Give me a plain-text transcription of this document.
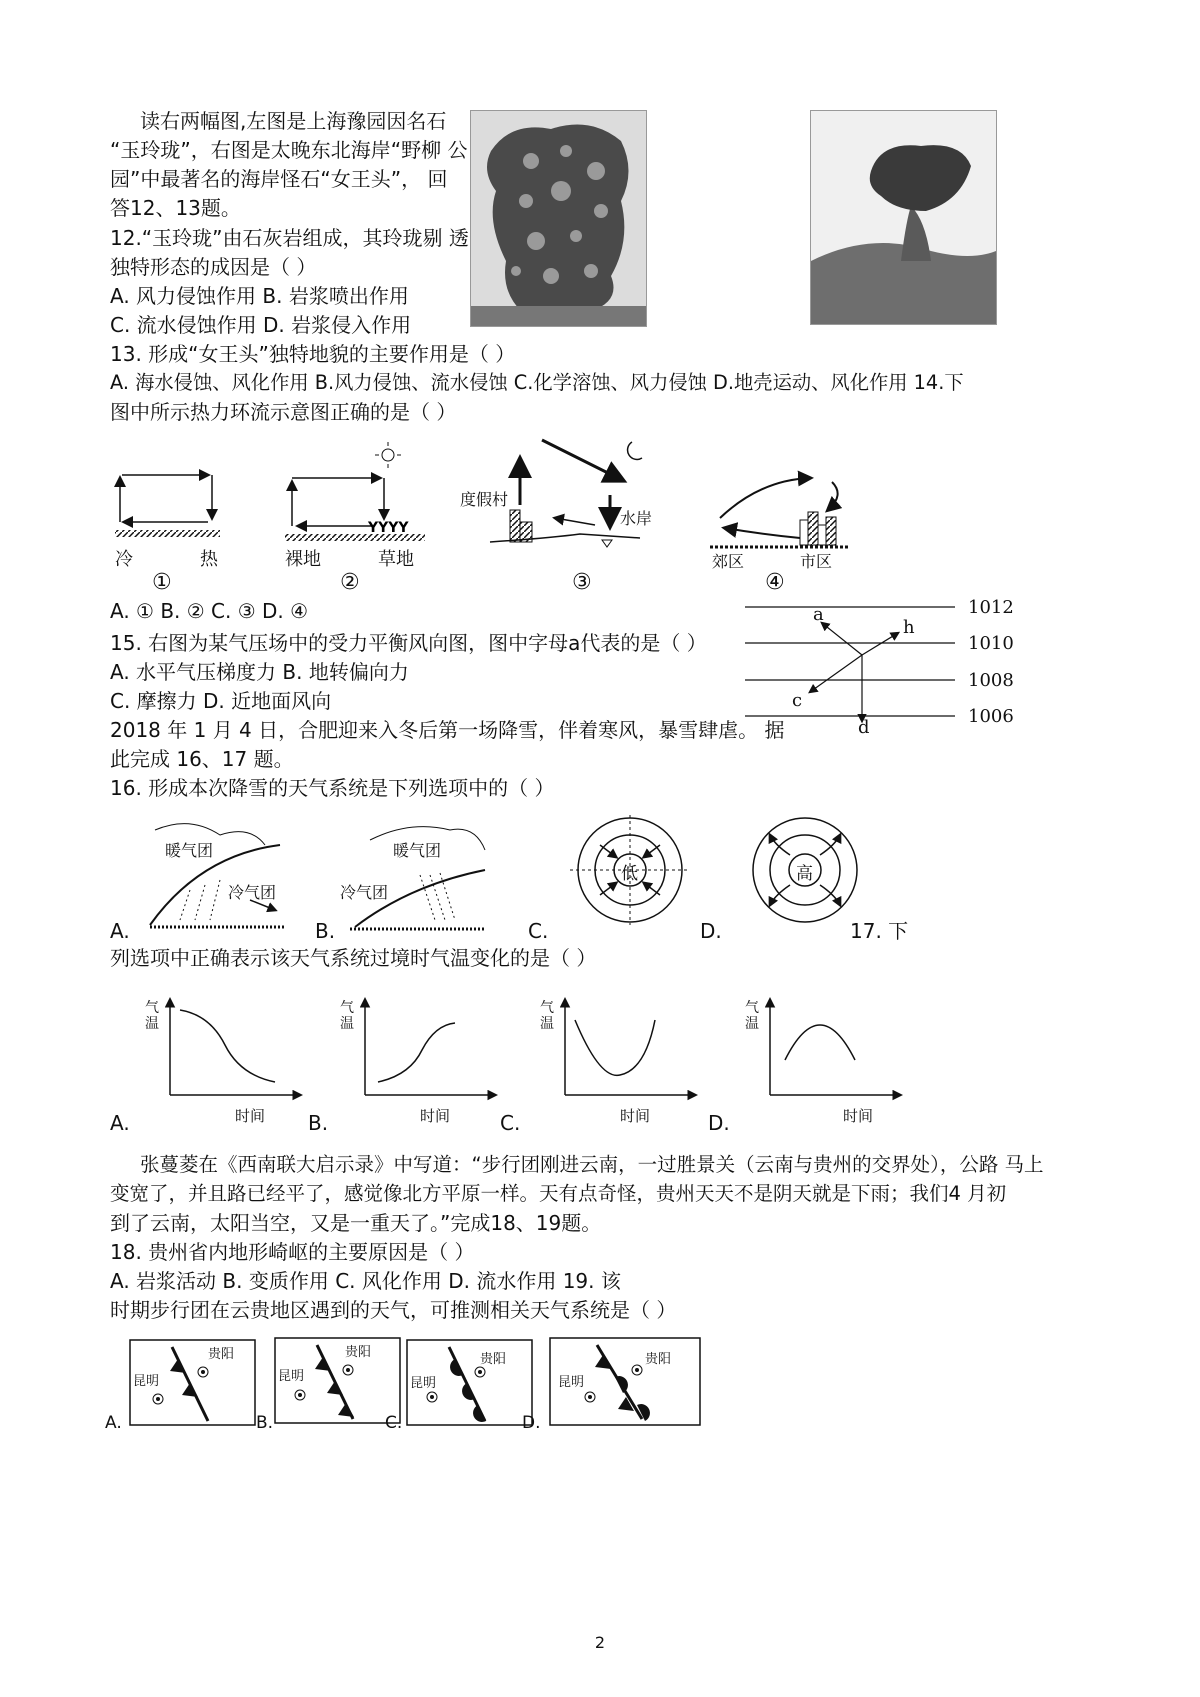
读右两幅图,左图是上海豫园因名石
“玉玲珑”，右图是太晚东北海岸“野柳 公
园”中最著名的海岸怪石“女王头”， 回
答12、13题。
12.“玉玲珑”由石灰岩组成，其玲珑剔 透
独特形态的成因是（ ）
A. 风力侵蚀作用 B. 岩浆喷出作用
C. 流水侵蚀作用 D. 岩浆侵入作用
13. 形成“女王头”独特地貌的主要作用是（ ）
A. 海水侵蚀、风化作用 B.风力侵蚀、流水侵蚀 C.化学溶蚀、风力侵蚀 D.地壳运动、风化作用 14.下
图中所示热力环流示意图正确的是（ ）
YYYY
冷	热
①
裸地	草地
②
度假村
水岸
③
郊区	市区
④
A. ① B. ② C. ③ D. ④
15. 右图为某气压场中的受力平衡风向图，图中字母a代表的是（ ）
A. 水平气压梯度力 B. 地转偏向力
C. 摩擦力 D. 近地面风向
1012
1010
1008
1006
a
h
c
d
2018 年 1 月 4 日，合肥迎来入冬后第一场降雪，伴着寒风，暴雪肆虐。 据
此完成 16、17 题。
16. 形成本次降雪的天气系统是下列选项中的（ ）
暖气团
冷气团
暖气团
冷气团
低	高
A.	B.	C.	D.	17. 下
列选项中正确表示该天气系统过境时气温变化的是（ ）
气温
时间
气温
时间
气温
时间
气温
时间
A.	B.	C.	D.
张蔓菱在《西南联大启示录》中写道：“步行团刚进云南，一过胜景关（云南与贵州的交界处），公路 马上
变宽了，并且路已经平了，感觉像北方平原一样。天有点奇怪，贵州天天不是阴天就是下雨；我们4 月初
到了云南，太阳当空，又是一重天了。”完成18、19题。
18. 贵州省内地形崎岖的主要原因是（ ）
A. 岩浆活动 B. 变质作用 C. 风化作用 D. 流水作用 19. 该
时期步行团在云贵地区遇到的天气，可推测相关天气系统是（ ）
昆明
贵阳
昆明
贵阳
昆明
贵阳
昆明
贵阳
A.	B.	C.	D.
2
